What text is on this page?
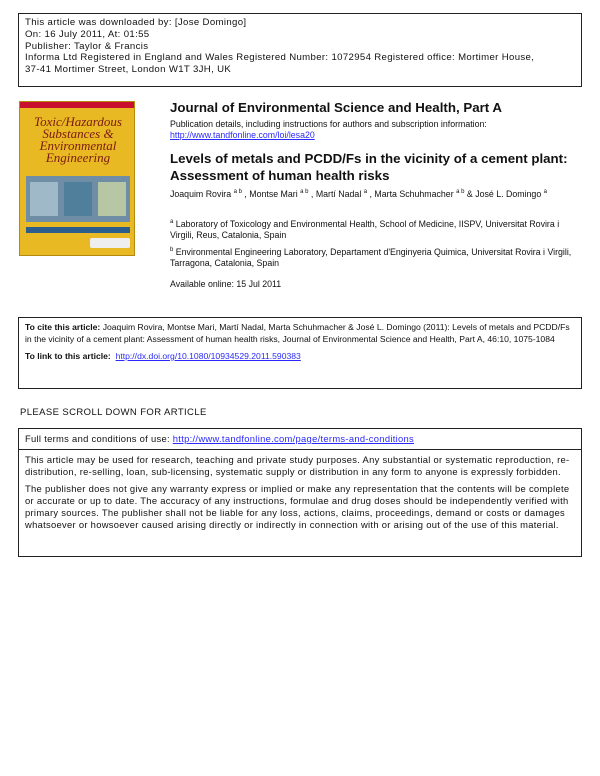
This article was downloaded by: [Jose Domingo]
On: 16 July 2011, At: 01:55
Publisher: Taylor & Francis
Informa Ltd Registered in England and Wales Registered Number: 1072954 Registered office: Mortimer House,
37-41 Mortimer Street, London W1T 3JH, UK
Toxic/Hazardous Substances & Environmental Engineering
Journal of Environmental Science and Health, Part A
Publication details, including instructions for authors and subscription information:
http://www.tandfonline.com/loi/lesa20
Levels of metals and PCDD/Fs in the vicinity of a cement plant: Assessment of human health risks
Joaquim Rovira $^{a b}$ , Montse Mari $^{a b}$ , Martí Nadal $^a$ , Marta Schuhmacher $^{a b}$ & José L. Domingo $^a$
$^a$ Laboratory of Toxicology and Environmental Health, School of Medicine, IISPV, Universitat Rovira i Virgili, Reus, Catalonia, Spain
$^b$ Environmental Engineering Laboratory, Departament d'Enginyeria Quimica, Universitat Rovira i Virgili, Tarragona, Catalonia, Spain
Available online: 15 Jul 2011
To cite this article: Joaquim Rovira, Montse Mari, Martí Nadal, Marta Schuhmacher & José L. Domingo (2011): Levels of metals and PCDD/Fs in the vicinity of a cement plant: Assessment of human health risks, Journal of Environmental Science and Health, Part A, 46:10, 1075-1084
To link to this article: http://dx.doi.org/10.1080/10934529.2011.590383
PLEASE SCROLL DOWN FOR ARTICLE
Full terms and conditions of use: http://www.tandfonline.com/page/terms-and-conditions

This article may be used for research, teaching and private study purposes. Any substantial or systematic reproduction, re-distribution, re-selling, loan, sub-licensing, systematic supply or distribution in any form to anyone is expressly forbidden.

The publisher does not give any warranty express or implied or make any representation that the contents will be complete or accurate or up to date. The accuracy of any instructions, formulae and drug doses should be independently verified with primary sources. The publisher shall not be liable for any loss, actions, claims, proceedings, demand or costs or damages whatsoever or howsoever caused arising directly or indirectly in connection with or arising out of the use of this material.
